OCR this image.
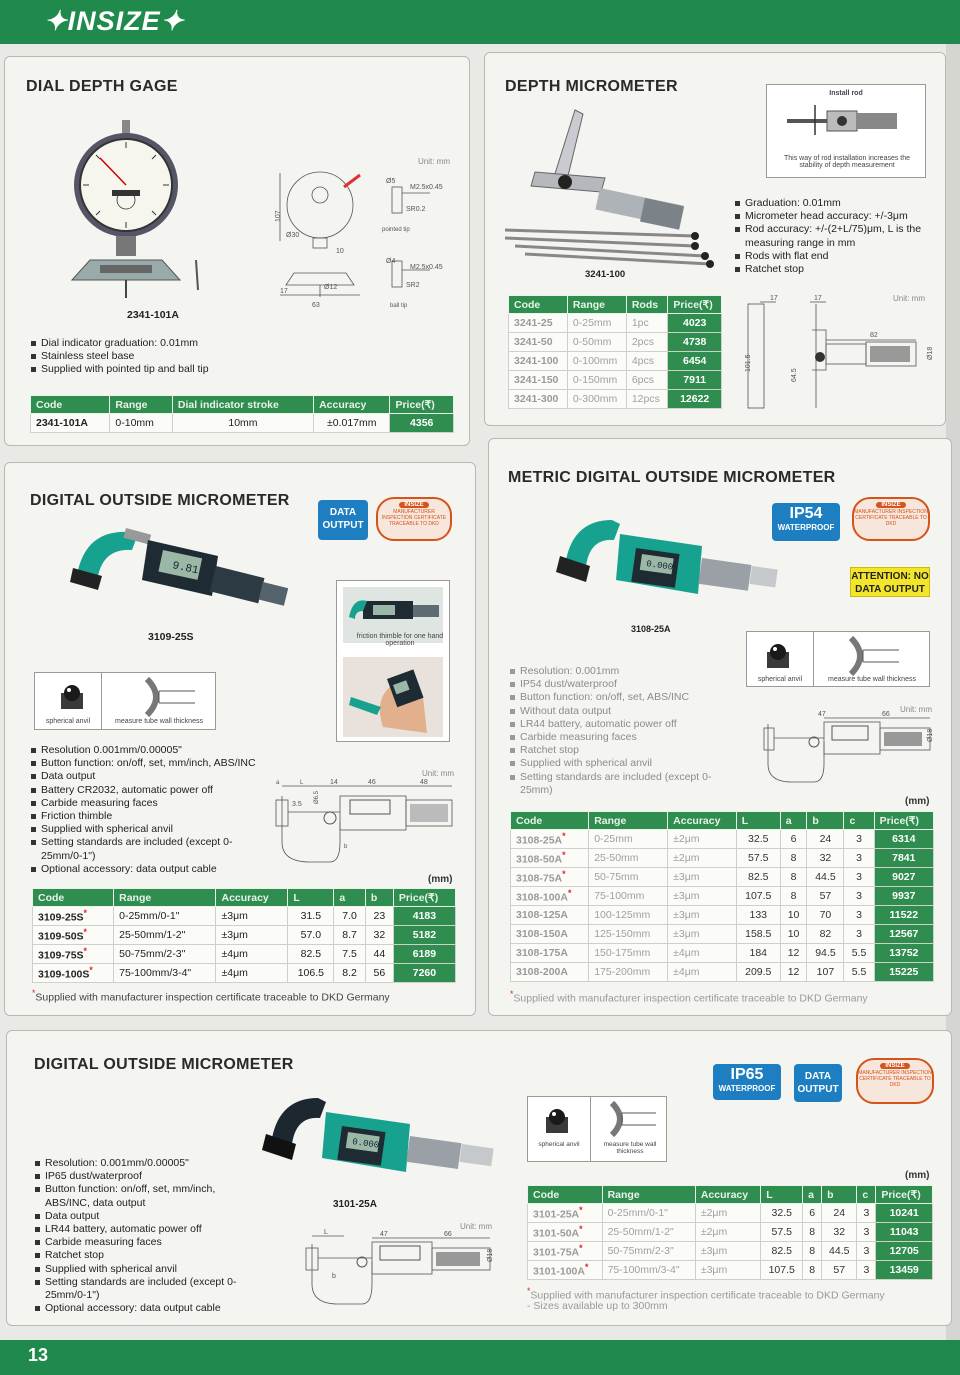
✦INSIZE✦
13
DIAL DEPTH GAGE
2341-101A
Unit: mm
107
Ø30
10
17
Ø12
63
Ø5
M2.5x0.45
SR0.2
pointed tip
Ø4
M2.5x0.45
SR2
ball tip
Dial indicator graduation: 0.01mm
Stainless steel base
Supplied with pointed tip and ball tip
Code	Range	Dial indicator stroke	Accuracy	Price(₹)
2341-101A	0-10mm	10mm	±0.017mm	4356
DEPTH MICROMETER	Install rod
This way of rod installation increases the stability of depth measurement
3241-100
Graduation: 0.01mm
Micrometer head accuracy: +/-3μm
Rod accuracy: +/-(2+L/75)μm, L is the measuring range in mm
Rods with flat end
Ratchet stop
Code	Range	Rods	Price(₹)
3241-25	0-25mm	1pc	4023
3241-50	0-50mm	2pcs	4738
3241-100	0-100mm	4pcs	6454
3241-150	0-150mm	6pcs	7911
3241-300	0-300mm	12pcs	12622
Unit: mm
17	17
82
101.5
64.5
Ø18
DIGITAL OUTSIDE MICROMETER
DATA OUTPUT
INSIZE
MANUFACTURER INSPECTION CERTIFICATE TRACEABLE TO DKD
9.81
3109-25S	friction thimble for one hand operation
spherical anvil	measure tube wall thickness
Resolution 0.001mm/0.00005"
Button function: on/off, set, mm/inch, ABS/INC
Data output
Battery CR2032, automatic power off
Carbide measuring faces
Friction thimble
Supplied with spherical anvil
Setting standards are included (except 0-25mm/0-1")
Optional accessory: data output cable
Unit: mm
a	L	14	46	48
3.5
Ø6.5
b
(mm)
Code	Range	Accuracy	L	a	b	Price(₹)
3109-25S*	0-25mm/0-1"	±3μm	31.5	7.0	23	4183
3109-50S*	25-50mm/1-2"	±3μm	57.0	8.7	32	5182
3109-75S*	50-75mm/2-3"	±4μm	82.5	7.5	44	6189
3109-100S*	75-100mm/3-4"	±4μm	106.5	8.2	56	7260
*Supplied with manufacturer inspection certificate traceable to DKD Germany
METRIC DIGITAL OUTSIDE MICROMETER
IP54
WATERPROOF
INSIZE
MANUFACTURER INSPECTION CERTIFICATE TRACEABLE TO DKD
ATTENTION: NO DATA OUTPUT
0.000
3108-25A
spherical anvil	measure tube wall thickness
Resolution: 0.001mm
IP54 dust/waterproof
Button function: on/off, set, ABS/INC
Without data output
LR44 battery, automatic power off
Carbide measuring faces
Ratchet stop
Supplied with spherical anvil
Setting standards are included (except 0-25mm)
Unit: mm
47	66
Ø18
(mm)
Code	Range	Accuracy	L	a	b	c	Price(₹)
3108-25A*	0-25mm	±2μm	32.5	6	24	3	6314
3108-50A*	25-50mm	±2μm	57.5	8	32	3	7841
3108-75A*	50-75mm	±3μm	82.5	8	44.5	3	9027
3108-100A*	75-100mm	±3μm	107.5	8	57	3	9937
3108-125A	100-125mm	±3μm	133	10	70	3	11522
3108-150A	125-150mm	±3μm	158.5	10	82	3	12567
3108-175A	150-175mm	±4μm	184	12	94.5	5.5	13752
3108-200A	175-200mm	±4μm	209.5	12	107	5.5	15225
*Supplied with manufacturer inspection certificate traceable to DKD Germany
DIGITAL OUTSIDE MICROMETER
IP65
WATERPROOF
DATA OUTPUT
INSIZE
MANUFACTURER INSPECTION CERTIFICATE TRACEABLE TO DKD
0.000
3101-25A
Resolution: 0.001mm/0.00005"
IP65 dust/waterproof
Button function: on/off, set, mm/inch, ABS/INC, data output
Data output
LR44 battery, automatic power off
Carbide measuring faces
Ratchet stop
Supplied with spherical anvil
Setting standards are included (except 0-25mm/0-1")
Optional accessory: data output cable
Unit: mm
L	47	66
Ø18
b
spherical anvil	measure tube wall thickness
(mm)
Code	Range	Accuracy	L	a	b	c	Price(₹)
3101-25A*	0-25mm/0-1"	±2μm	32.5	6	24	3	10241
3101-50A*	25-50mm/1-2"	±2μm	57.5	8	32	3	11043
3101-75A*	50-75mm/2-3"	±3μm	82.5	8	44.5	3	12705
3101-100A*	75-100mm/3-4"	±3μm	107.5	8	57	3	13459
*Supplied with manufacturer inspection certificate traceable to DKD Germany
- Sizes available up to 300mm
